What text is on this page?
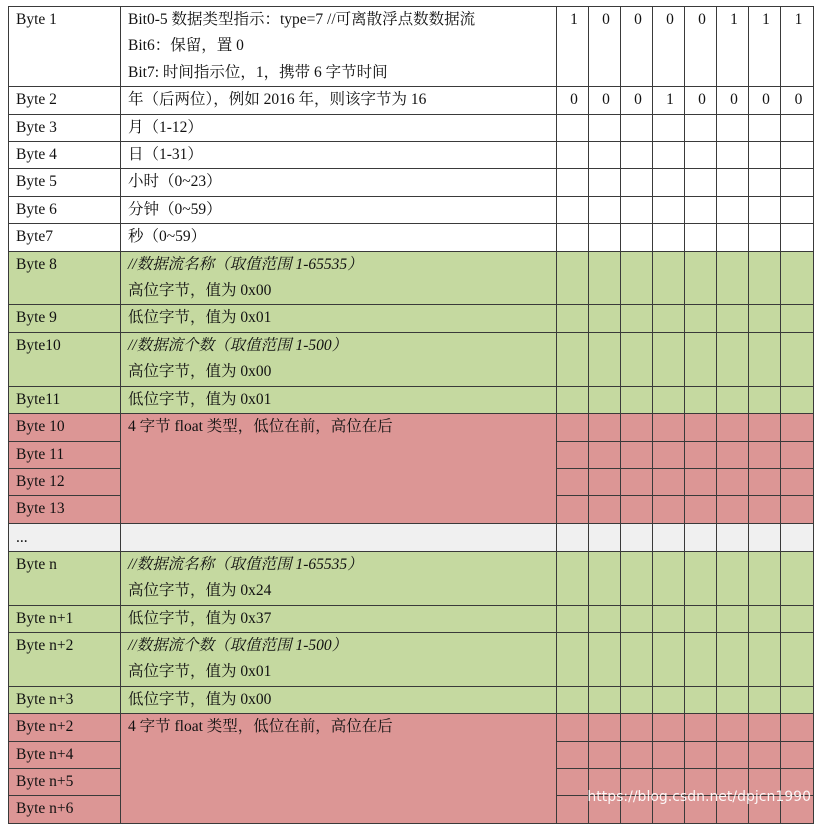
Byte 1	Bit0-5 数据类型指示：type=7 //可离散浮点数数据流
Bit6：保留，置 0
Bit7: 时间指示位，1，携带 6 字节时间	1	0	0	0	0	1	1	1
Byte 2	年（后两位），例如 2016 年，则该字节为 16	0	0	0	1	0	0	0	0
Byte 3	月（1-12）								

Byte 4	日（1-31）								

Byte 5	小时（0~23）								

Byte 6	分钟（0~59）								

Byte7	秒（0~59）								

Byte 8	//数据流名称（取值范围 1-65535）
高位字节，值为 0x00								

Byte 9	低位字节，值为 0x01								

Byte10	//数据流个数（取值范围 1-500）
高位字节，值为 0x00								

Byte11	低位字节，值为 0x01								

Byte 10	4 字节 float 类型，低位在前，高位在后								

Byte 11									
Byte 12									
Byte 13									
...									
Byte n	//数据流名称（取值范围 1-65535）
高位字节，值为 0x24								

Byte n+1	低位字节，值为 0x37								

Byte n+2	//数据流个数（取值范围 1-500）
高位字节，值为 0x01								

Byte n+3	低位字节，值为 0x00								

Byte n+2	4 字节 float 类型，低位在前，高位在后								

Byte n+4									
Byte n+5									
Byte n+6									
https://blog.csdn.net/dpjcn1990
